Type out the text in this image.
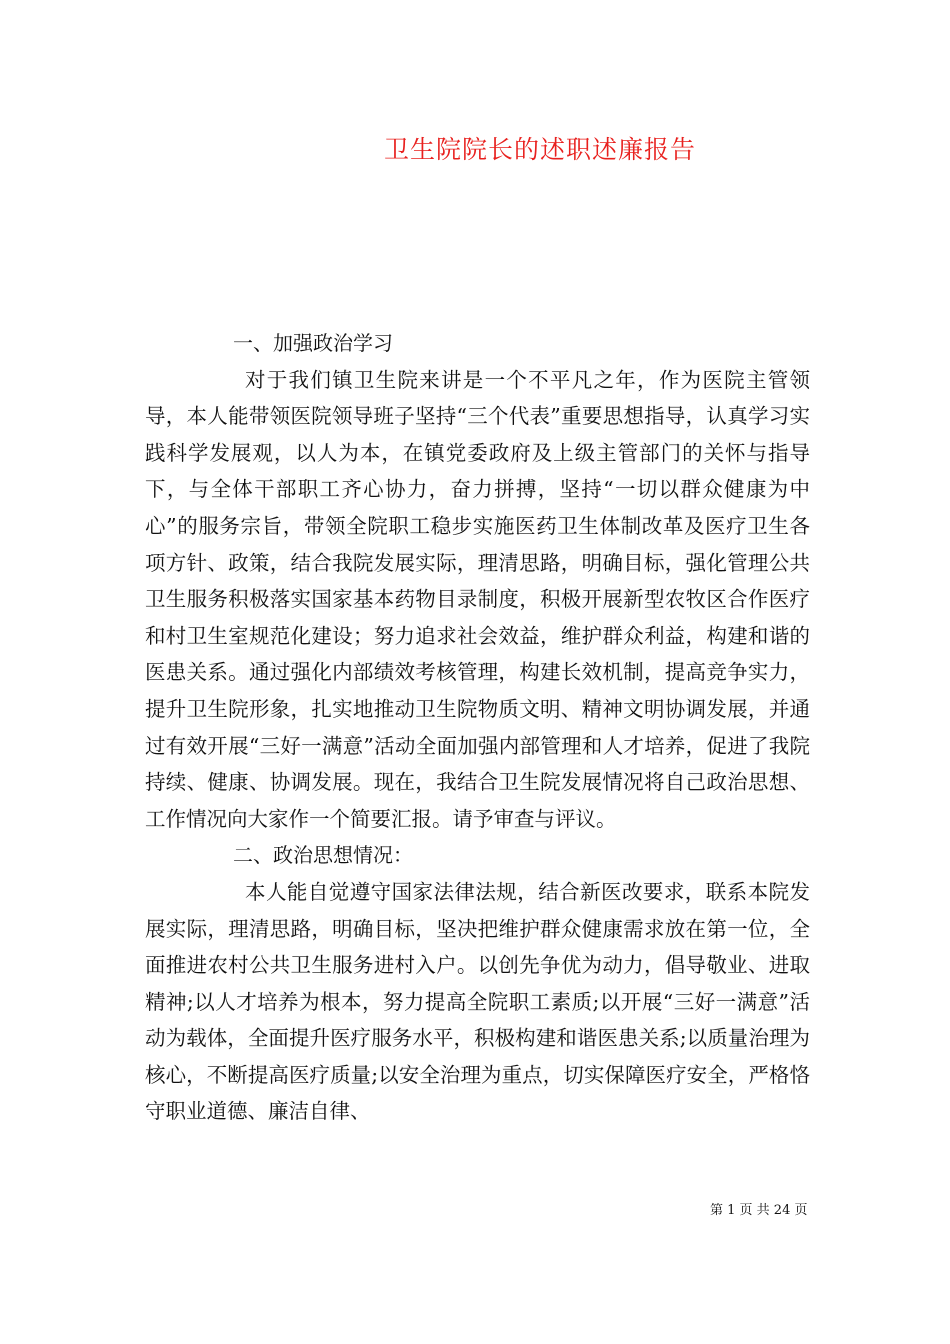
卫生院院长的述职述廉报告

一、加强政治学习

对于我们镇卫生院来讲是一个不平凡之年，作为医院主管领导，本人能带领医院领导班子坚持“三个代表”重要思想指导，认真学习实践科学发展观，以人为本，在镇党委政府及上级主管部门的关怀与指导下，与全体干部职工齐心协力，奋力拼搏，坚持“一切以群众健康为中心”的服务宗旨，带领全院职工稳步实施医药卫生体制改革及医疗卫生各项方针、政策，结合我院发展实际，理清思路，明确目标，强化管理公共卫生服务积极落实国家基本药物目录制度，积极开展新型农牧区合作医疗和村卫生室规范化建设；努力追求社会效益，维护群众利益，构建和谐的医患关系。通过强化内部绩效考核管理，构建长效机制，提高竞争实力，提升卫生院形象，扎实地推动卫生院物质文明、精神文明协调发展，并通过有效开展“三好一满意”活动全面加强内部管理和人才培养，促进了我院持续、健康、协调发展。现在，我结合卫生院发展情况将自己政治思想、工作情况向大家作一个简要汇报。请予审查与评议。

二、政治思想情况：

本人能自觉遵守国家法律法规，结合新医改要求，联系本院发展实际，理清思路，明确目标，坚决把维护群众健康需求放在第一位，全面推进农村公共卫生服务进村入户。以创先争优为动力，倡导敬业、进取精神;以人才培养为根本，努力提高全院职工素质;以开展“三好一满意”活动为载体，全面提升医疗服务水平，积极构建和谐医患关系;以质量治理为核心，不断提高医疗质量;以安全治理为重点，切实保障医疗安全，严格恪守职业道德、廉洁自律、

第 1 页 共 24 页
